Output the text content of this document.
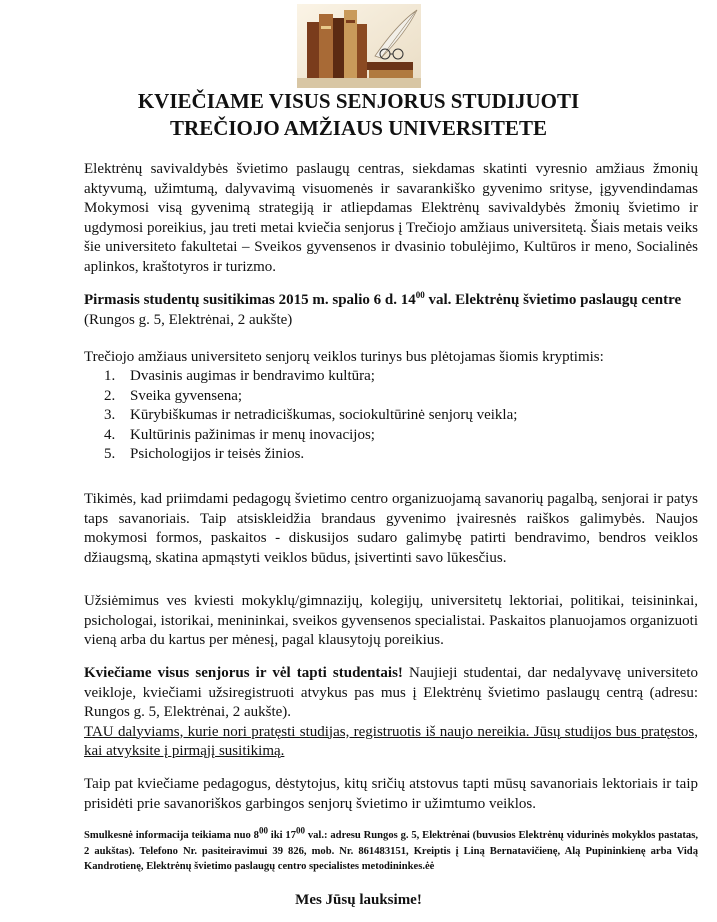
KVIEČIAME VISUS SENJORUS STUDIJUOTI
TREČIOJO AMŽIAUS UNIVERSITETE

Elektrėnų savivaldybės švietimo paslaugų centras, siekdamas skatinti vyresnio amžiaus žmonių aktyvumą, užimtumą, dalyvavimą visuomenės ir savarankiško gyvenimo srityse, įgyvendindamas Mokymosi visą gyvenimą strategiją ir atliepdamas Elektrėnų savivaldybės žmonių švietimo ir ugdymosi poreikius, jau treti metai kviečia senjorus į Trečiojo amžiaus universitetą. Šiais metais veiks šie universiteto fakultetai – Sveikos gyvensenos ir dvasinio tobulėjimo, Kultūros ir meno, Socialinės aplinkos, kraštotyros ir turizmo.

Pirmasis studentų susitikimas 2015 m. spalio 6 d. $14^{00}$ val. Elektrėnų švietimo paslaugų centre (Rungos g. 5, Elektrėnai, 2 aukšte)

Trečiojo amžiaus universiteto senjorų veiklos turinys bus plėtojamas šiomis kryptimis:

1. Dvasinis augimas ir bendravimo kultūra;
2. Sveika gyvensena;
3. Kūrybiškumas ir netradiciškumas, sociokultūrinė senjorų veikla;
4. Kultūrinis pažinimas ir menų inovacijos;
5. Psichologijos ir teisės žinios.

Tikimės, kad priimdami pedagogų švietimo centro organizuojamą savanorių pagalbą, senjorai ir patys taps savanoriais. Taip atsiskleidžia brandaus gyvenimo įvairesnės raiškos galimybės. Naujos mokymosi formos, paskaitos - diskusijos sudaro galimybę patirti bendravimo, bendros veiklos džiaugsmą, skatina apmąstyti veiklos būdus, įsivertinti savo lūkesčius.

Užsiėmimus ves kviesti mokyklų/gimnazijų, kolegijų, universitetų lektoriai, politikai, teisininkai, psichologai, istorikai, menininkai, sveikos gyvensenos specialistai. Paskaitos planuojamos organizuoti vieną arba du kartus per mėnesį, pagal klausytojų poreikius.

Kviečiame visus senjorus ir vėl tapti studentais! Naujieji studentai, dar nedalyvavę universiteto veikloje, kviečiami užsiregistruoti atvykus pas mus į Elektrėnų švietimo paslaugų centrą (adresu: Rungos g. 5, Elektrėnai, 2 aukšte).
TAU dalyviams, kurie nori pratęsti studijas, registruotis iš naujo nereikia. Jūsų studijos bus pratęstos, kai atvyksite į pirmąjį susitikimą.

Taip pat kviečiame pedagogus, dėstytojus, kitų sričių atstovus tapti mūsų savanoriais lektoriais ir taip prisidėti prie savanoriškos garbingos senjorų švietimo ir užimtumo veiklos.

Smulkesnė informacija teikiama nuo $8^{00}$ iki $17^{00}$ val.: adresu Rungos g. 5, Elektrėnai (buvusios Elektrėnų vidurinės mokyklos pastatas, 2 aukštas). Telefono Nr. pasiteiravimui 39 826, mob. Nr. 861483151, Kreiptis į Liną Bernatavičienę, Alą Pupininkienę arba Vidą Kandrotienę, Elektrėnų švietimo paslaugų centro specialistes metodininkes.ėė

Mes Jūsų lauksime!
